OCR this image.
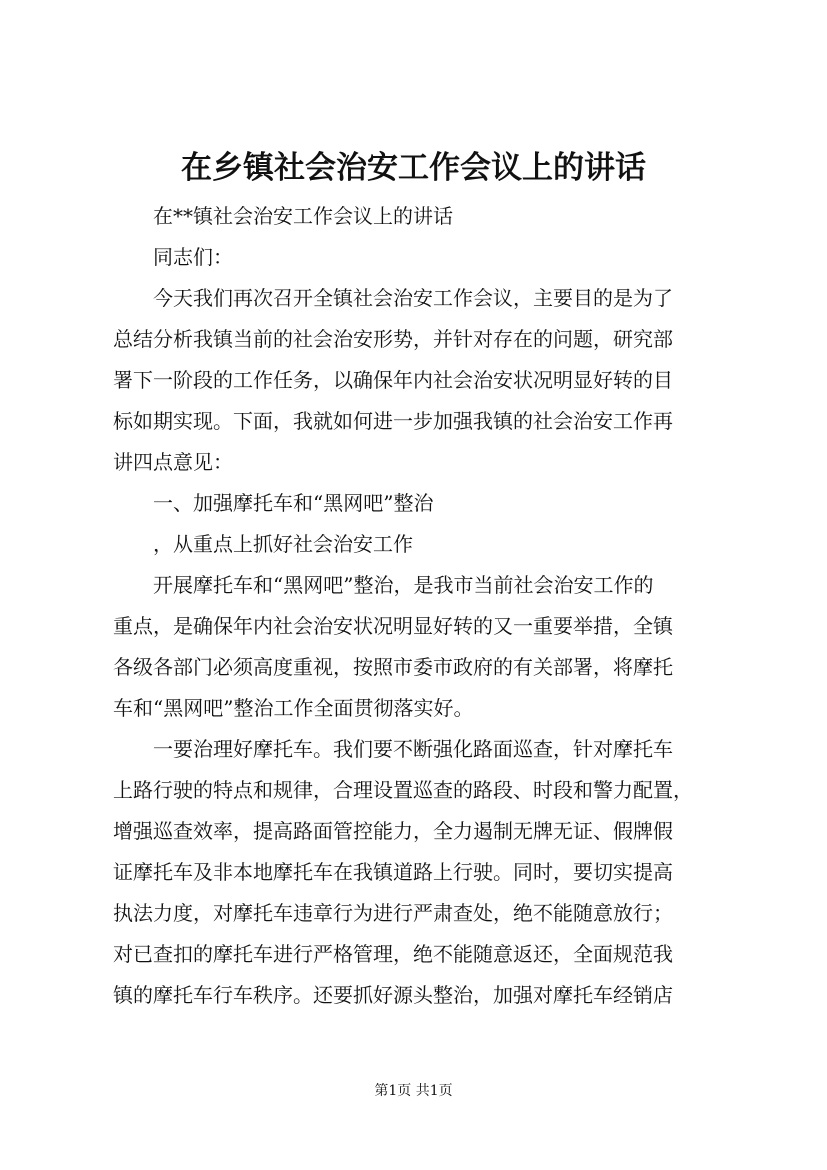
在乡镇社会治安工作会议上的讲话
在**镇社会治安工作会议上的讲话
同志们：
今天我们再次召开全镇社会治安工作会议，主要目的是为了
总结分析我镇当前的社会治安形势，并针对存在的问题，研究部
署下一阶段的工作任务，以确保年内社会治安状况明显好转的目
标如期实现。下面，我就如何进一步加强我镇的社会治安工作再
讲四点意见：
一、加强摩托车和“黑网吧”整治
，从重点上抓好社会治安工作
开展摩托车和“黑网吧”整治，是我市当前社会治安工作的
重点，是确保年内社会治安状况明显好转的又一重要举措，全镇
各级各部门必须高度重视，按照市委市政府的有关部署，将摩托
车和“黑网吧”整治工作全面贯彻落实好。
一要治理好摩托车。我们要不断强化路面巡查，针对摩托车
上路行驶的特点和规律，合理设置巡查的路段、时段和警力配置，
增强巡查效率，提高路面管控能力，全力遏制无牌无证、假牌假
证摩托车及非本地摩托车在我镇道路上行驶。同时，要切实提高
执法力度，对摩托车违章行为进行严肃查处，绝不能随意放行；
对已查扣的摩托车进行严格管理，绝不能随意返还，全面规范我
镇的摩托车行车秩序。还要抓好源头整治，加强对摩托车经销店
第1页 共1页
